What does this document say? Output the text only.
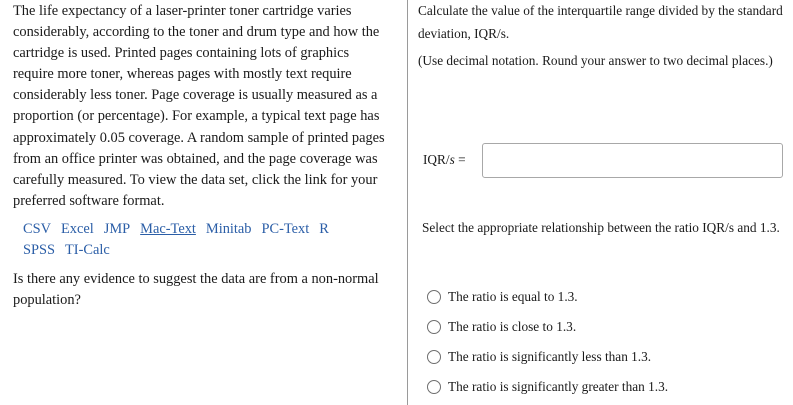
The life expectancy of a laser-printer toner cartridge varies considerably, according to the toner and drum type and how the cartridge is used. Printed pages containing lots of graphics require more toner, whereas pages with mostly text require considerably less toner. Page coverage is usually measured as a proportion (or percentage). For example, a typical text page has approximately 0.05 coverage. A random sample of printed pages from an office printer was obtained, and the page coverage was carefully measured. To view the data set, click the link for your preferred software format.

CSV Excel JMP Mac-Text Minitab PC-Text R
SPSS TI-Calc

Is there any evidence to suggest the data are from a non-normal population?

Calculate the value of the interquartile range divided by the standard deviation, IQR/s.

(Use decimal notation. Round your answer to two decimal places.)

IQR/s =

Select the appropriate relationship between the ratio IQR/s and 1.3.

The ratio is equal to 1.3.
The ratio is close to 1.3.
The ratio is significantly less than 1.3.
The ratio is significantly greater than 1.3.
